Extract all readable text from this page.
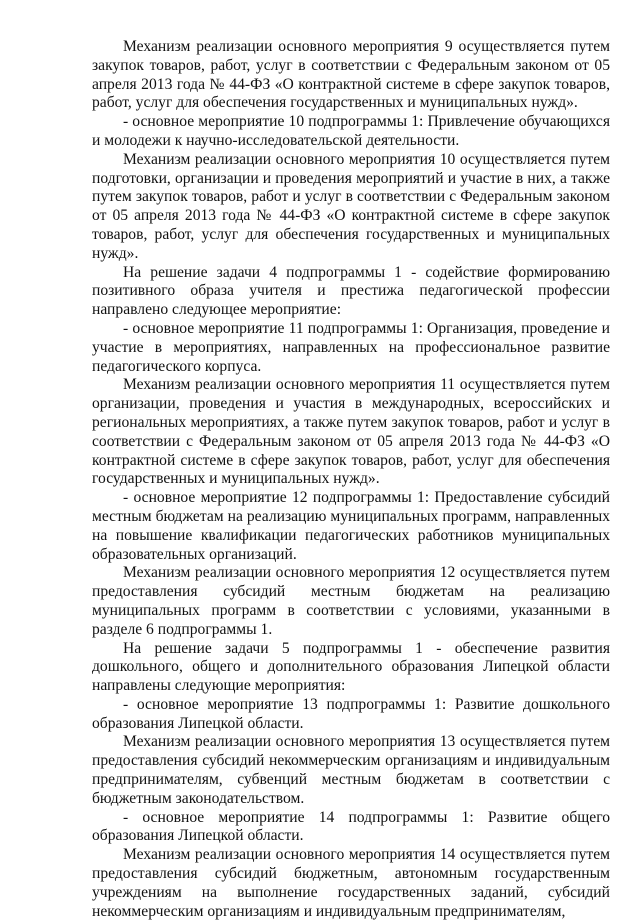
Механизм реализации основного мероприятия 9 осуществляется путем закупок товаров, работ, услуг в соответствии с Федеральным законом от 05 апреля 2013 года № 44-ФЗ «О контрактной системе в сфере закупок товаров, работ, услуг для обеспечения государственных и муниципальных нужд».

- основное мероприятие 10 подпрограммы 1: Привлечение обучающихся и молодежи к научно-исследовательской деятельности.

Механизм реализации основного мероприятия 10 осуществляется путем подготовки, организации и проведения мероприятий и участие в них, а также путем закупок товаров, работ и услуг в соответствии с Федеральным законом от 05 апреля 2013 года № 44-ФЗ «О контрактной системе в сфере закупок товаров, работ, услуг для обеспечения государственных и муниципальных нужд».

На решение задачи 4 подпрограммы 1 - содействие формированию позитивного образа учителя и престижа педагогической профессии направлено следующее мероприятие:

- основное мероприятие 11 подпрограммы 1: Организация, проведение и участие в мероприятиях, направленных на профессиональное развитие педагогического корпуса.

Механизм реализации основного мероприятия 11 осуществляется путем организации, проведения и участия в международных, всероссийских и региональных мероприятиях, а также путем закупок товаров, работ и услуг в соответствии с Федеральным законом от 05 апреля 2013 года № 44-ФЗ «О контрактной системе в сфере закупок товаров, работ, услуг для обеспечения государственных и муниципальных нужд».

- основное мероприятие 12 подпрограммы 1: Предоставление субсидий местным бюджетам на реализацию муниципальных программ, направленных на повышение квалификации педагогических работников муниципальных образовательных организаций.

Механизм реализации основного мероприятия 12 осуществляется путем предоставления субсидий местным бюджетам на реализацию муниципальных программ в соответствии с условиями, указанными в разделе 6 подпрограммы 1.

На решение задачи 5 подпрограммы 1 - обеспечение развития дошкольного, общего и дополнительного образования Липецкой области направлены следующие мероприятия:

- основное мероприятие 13 подпрограммы 1: Развитие дошкольного образования Липецкой области.

Механизм реализации основного мероприятия 13 осуществляется путем предоставления субсидий некоммерческим организациям и индивидуальным предпринимателям, субвенций местным бюджетам в соответствии с бюджетным законодательством.

- основное мероприятие 14 подпрограммы 1: Развитие общего образования Липецкой области.

Механизм реализации основного мероприятия 14 осуществляется путем предоставления субсидий бюджетным, автономным государственным учреждениям на выполнение государственных заданий, субсидий некоммерческим организациям и индивидуальным предпринимателям,
